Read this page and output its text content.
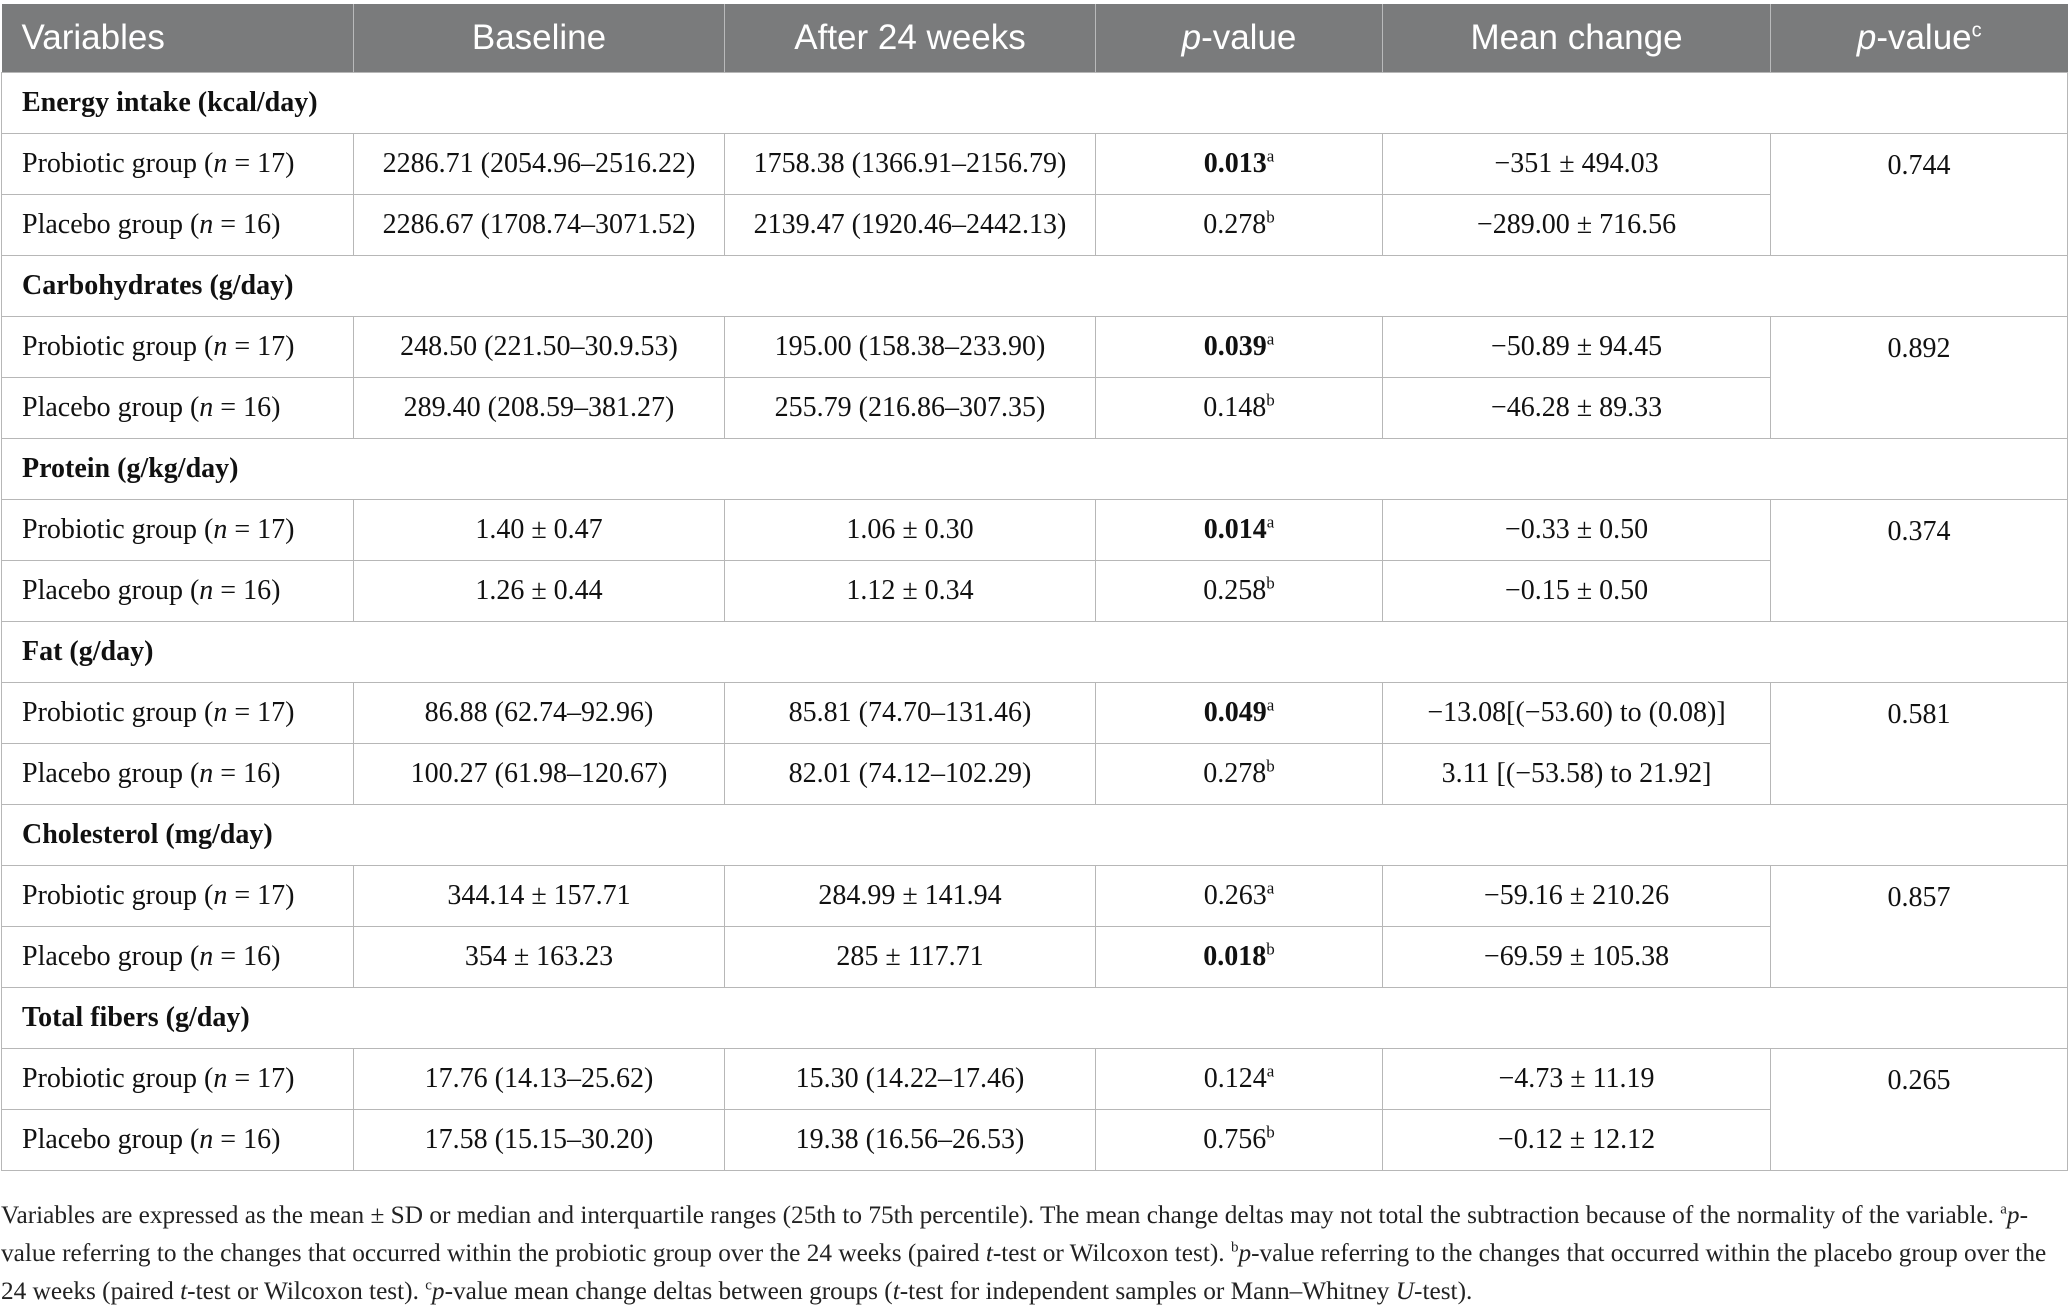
Variables	Baseline	After 24 weeks	p-value	Mean change	p-value$^c$
Energy intake (kcal/day)					
Probiotic group (n = 17)	2286.71 (2054.96–2516.22)	1758.38 (1366.91–2156.79)	0.013$^a$	−351 ± 494.03	0.744
Placebo group (n = 16)	2286.67 (1708.74–3071.52)	2139.47 (1920.46–2442.13)	0.278$^b$	−289.00 ± 716.56	
Carbohydrates (g/day)					
Probiotic group (n = 17)	248.50 (221.50–30.9.53)	195.00 (158.38–233.90)	0.039$^a$	−50.89 ± 94.45	0.892
Placebo group (n = 16)	289.40 (208.59–381.27)	255.79 (216.86–307.35)	0.148$^b$	−46.28 ± 89.33	
Protein (g/kg/day)					
Probiotic group (n = 17)	1.40 ± 0.47	1.06 ± 0.30	0.014$^a$	−0.33 ± 0.50	0.374
Placebo group (n = 16)	1.26 ± 0.44	1.12 ± 0.34	0.258$^b$	−0.15 ± 0.50	
Fat (g/day)					
Probiotic group (n = 17)	86.88 (62.74–92.96)	85.81 (74.70–131.46)	0.049$^a$	−13.08[(−53.60) to (0.08)]	0.581
Placebo group (n = 16)	100.27 (61.98–120.67)	82.01 (74.12–102.29)	0.278$^b$	3.11 [(−53.58) to 21.92]	
Cholesterol (mg/day)					
Probiotic group (n = 17)	344.14 ± 157.71	284.99 ± 141.94	0.263$^a$	−59.16 ± 210.26	0.857
Placebo group (n = 16)	354 ± 163.23	285 ± 117.71	0.018$^b$	−69.59 ± 105.38	
Total fibers (g/day)					
Probiotic group (n = 17)	17.76 (14.13–25.62)	15.30 (14.22–17.46)	0.124$^a$	−4.73 ± 11.19	0.265
Placebo group (n = 16)	17.58 (15.15–30.20)	19.38 (16.56–26.53)	0.756$^b$	−0.12 ± 12.12	
Variables are expressed as the mean ± SD or median and interquartile ranges (25th to 75th percentile). The mean change deltas may not total the subtraction because of the normality of the variable. $^a$p-value referring to the changes that occurred within the probiotic group over the 24 weeks (paired t-test or Wilcoxon test). $^b$p-value referring to the changes that occurred within the placebo group over the 24 weeks (paired t-test or Wilcoxon test). $^c$p-value mean change deltas between groups (t-test for independent samples or Mann–Whitney U-test).
